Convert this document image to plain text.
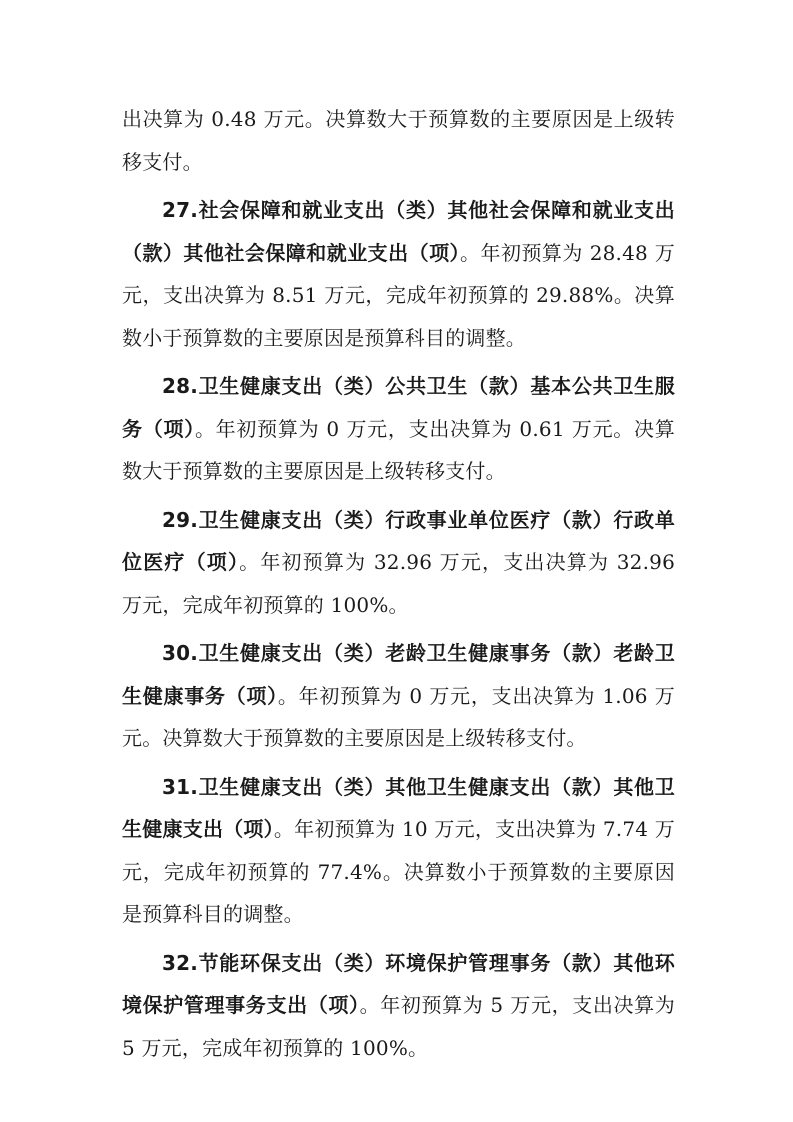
出决算为 0.48 万元。决算数大于预算数的主要原因是上级转移支付。

27.社会保障和就业支出（类）其他社会保障和就业支出（款）其他社会保障和就业支出（项）。年初预算为 28.48 万元，支出决算为 8.51 万元，完成年初预算的 29.88%。决算数小于预算数的主要原因是预算科目的调整。

28.卫生健康支出（类）公共卫生（款）基本公共卫生服务（项）。年初预算为 0 万元，支出决算为 0.61 万元。决算数大于预算数的主要原因是上级转移支付。

29.卫生健康支出（类）行政事业单位医疗（款）行政单位医疗（项）。年初预算为 32.96 万元，支出决算为 32.96 万元，完成年初预算的 100%。

30.卫生健康支出（类）老龄卫生健康事务（款）老龄卫生健康事务（项）。年初预算为 0 万元，支出决算为 1.06 万元。决算数大于预算数的主要原因是上级转移支付。

31.卫生健康支出（类）其他卫生健康支出（款）其他卫生健康支出（项）。年初预算为 10 万元，支出决算为 7.74 万元，完成年初预算的 77.4%。决算数小于预算数的主要原因是预算科目的调整。

32.节能环保支出（类）环境保护管理事务（款）其他环境保护管理事务支出（项）。年初预算为 5 万元，支出决算为 5 万元，完成年初预算的 100%。
